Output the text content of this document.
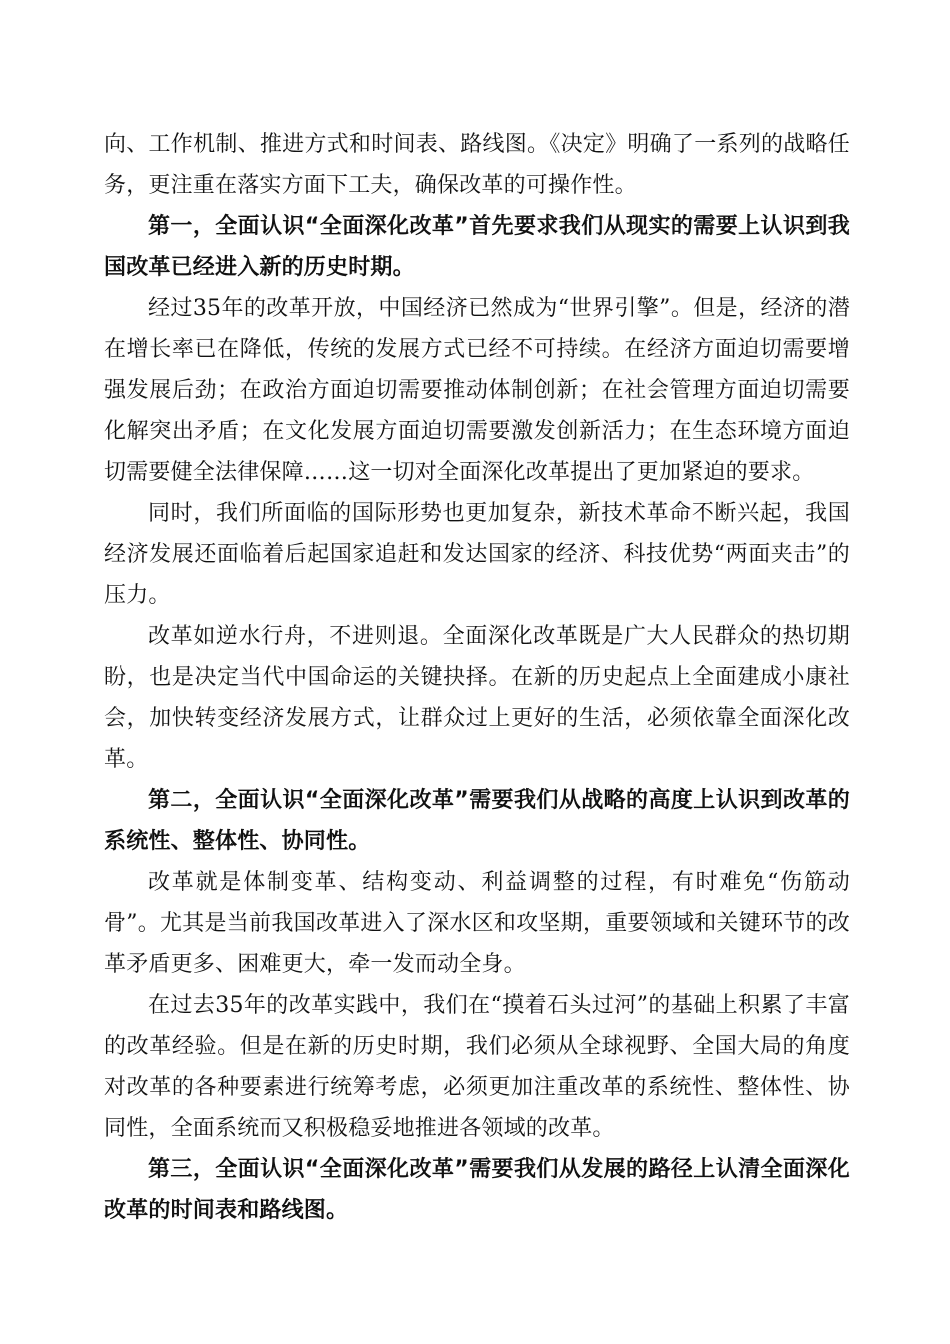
向、工作机制、推进方式和时间表、路线图。《决定》明确了一系列的战略任务，更注重在落实方面下工夫，确保改革的可操作性。

第一，全面认识“全面深化改革”首先要求我们从现实的需要上认识到我国改革已经进入新的历史时期。

经过35年的改革开放，中国经济已然成为“世界引擎”。但是，经济的潜在增长率已在降低，传统的发展方式已经不可持续。在经济方面迫切需要增强发展后劲；在政治方面迫切需要推动体制创新；在社会管理方面迫切需要化解突出矛盾；在文化发展方面迫切需要激发创新活力；在生态环境方面迫切需要健全法律保障……这一切对全面深化改革提出了更加紧迫的要求。

同时，我们所面临的国际形势也更加复杂，新技术革命不断兴起，我国经济发展还面临着后起国家追赶和发达国家的经济、科技优势“两面夹击”的压力。

改革如逆水行舟，不进则退。全面深化改革既是广大人民群众的热切期盼，也是决定当代中国命运的关键抉择。在新的历史起点上全面建成小康社会，加快转变经济发展方式，让群众过上更好的生活，必须依靠全面深化改革。

第二，全面认识“全面深化改革”需要我们从战略的高度上认识到改革的系统性、整体性、协同性。

改革就是体制变革、结构变动、利益调整的过程，有时难免“伤筋动骨”。尤其是当前我国改革进入了深水区和攻坚期，重要领域和关键环节的改革矛盾更多、困难更大，牵一发而动全身。

在过去35年的改革实践中，我们在“摸着石头过河”的基础上积累了丰富的改革经验。但是在新的历史时期，我们必须从全球视野、全国大局的角度对改革的各种要素进行统筹考虑，必须更加注重改革的系统性、整体性、协同性，全面系统而又积极稳妥地推进各领域的改革。

第三，全面认识“全面深化改革”需要我们从发展的路径上认清全面深化改革的时间表和路线图。
